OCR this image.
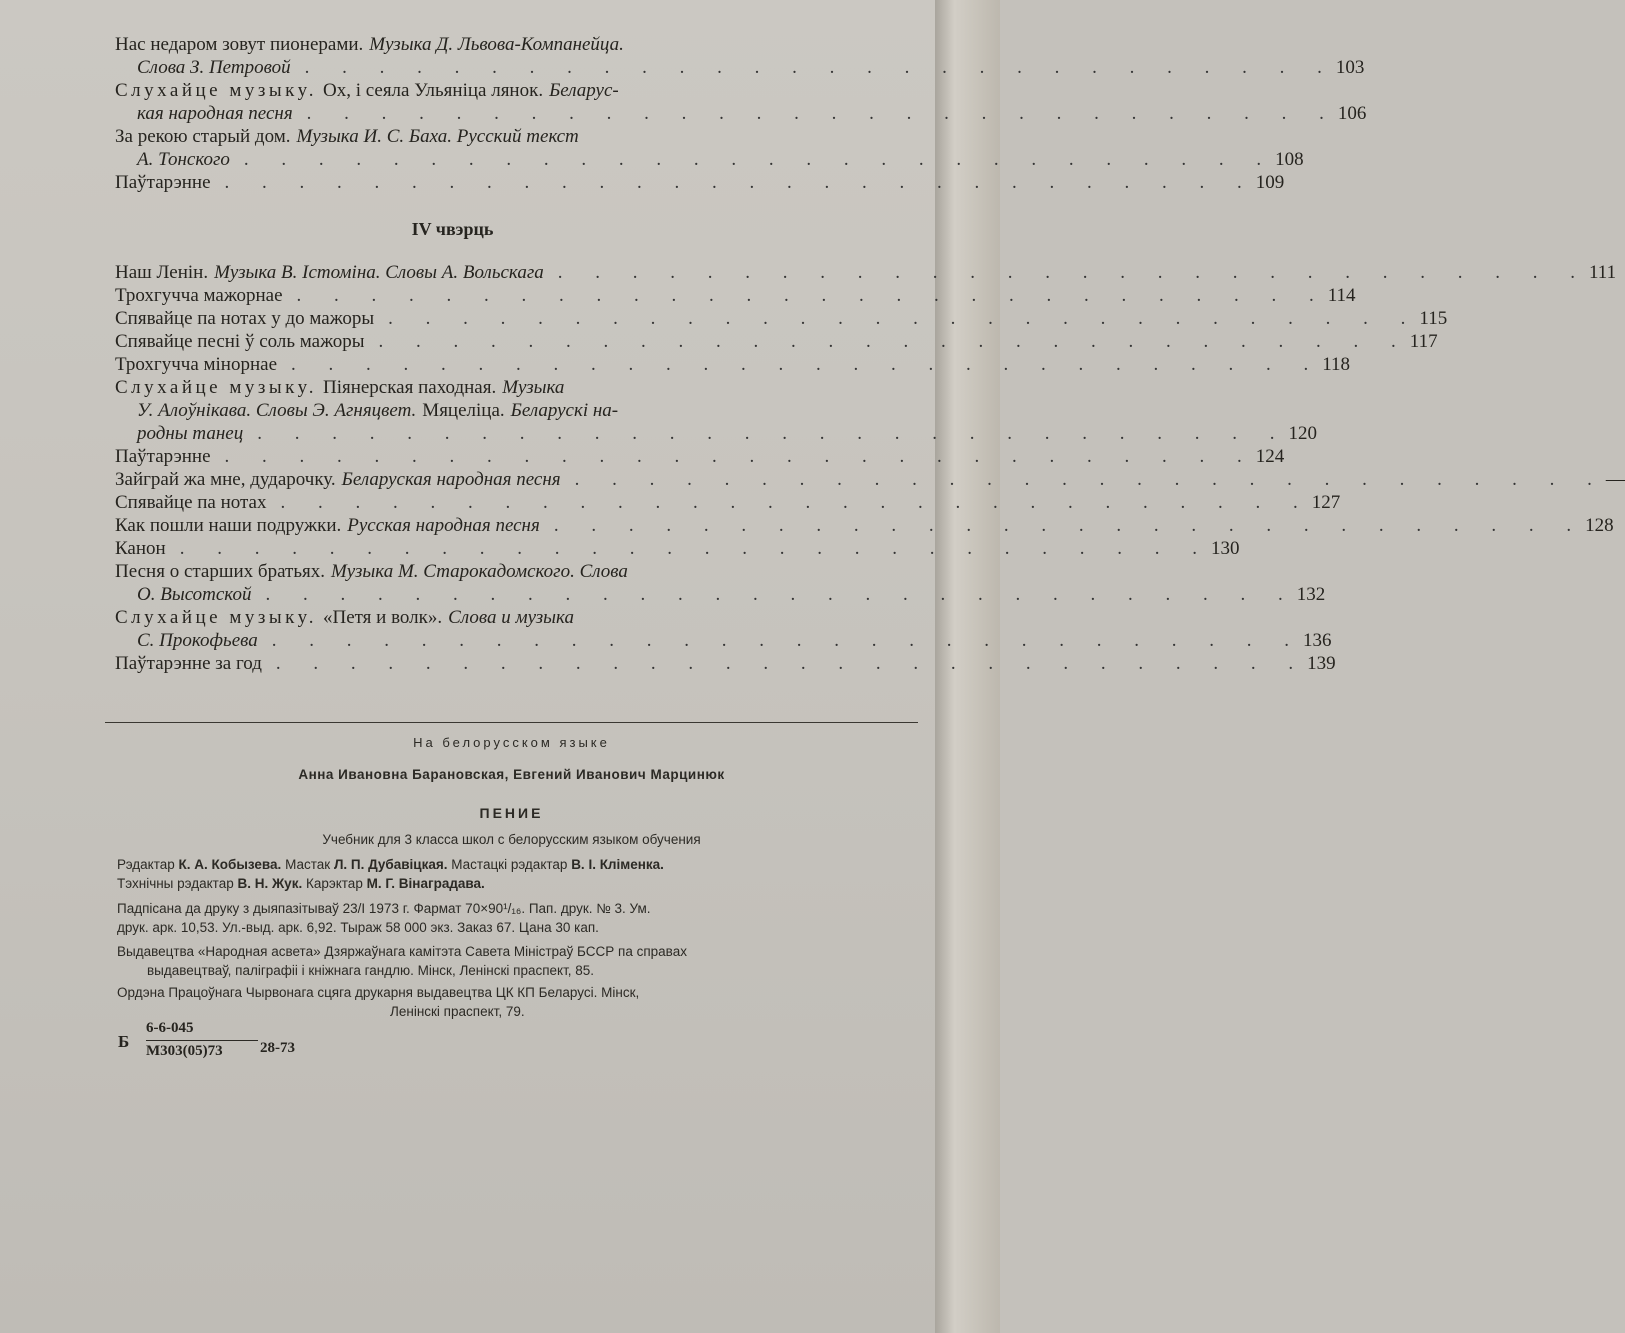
Нас недаром зовут пионерами. Музыка Д. Львова-Компанейца.
Слова З. Петровой . . . . . . . . . . . . . . . . . . . . . . . . . . . . 103
Слухайце музыку. Ох, і сеяла Ульяніца лянок. Беларус-
кая народная песня . . . . . . . . . . . . . . . . . . . . . . . . . . . . 106
За рекою старый дом. Музыка И. С. Баха. Русский текст
А. Тонского . . . . . . . . . . . . . . . . . . . . . . . . . . . . 108
Паўтарэнне . . . . . . . . . . . . . . . . . . . . . . . . . . . . 109
IV чвэрць
Наш Ленін. Музыка В. Істоміна. Словы А. Вольскага . . . . . . . . . . . . . . . . . . . . . . . . . . . . 111
Трохгучча мажорнае . . . . . . . . . . . . . . . . . . . . . . . . . . . . 114
Спявайце па нотах у до мажоры . . . . . . . . . . . . . . . . . . . . . . . . . . . . 115
Спявайце песні ў соль мажоры . . . . . . . . . . . . . . . . . . . . . . . . . . . . 117
Трохгучча мінорнае . . . . . . . . . . . . . . . . . . . . . . . . . . . . 118
Слухайце музыку. Піянерская паходная. Музыка
У. Алоўнікава. Словы Э. Агняцвет. Мяцеліца. Беларускі на-
родны танец . . . . . . . . . . . . . . . . . . . . . . . . . . . . 120
Паўтарэнне . . . . . . . . . . . . . . . . . . . . . . . . . . . . 124
Зайграй жа мне, дударочку. Беларуская народная песня . . . . . . . . . . . . . . . . . . . . . . . . . . . . —
Спявайце па нотах . . . . . . . . . . . . . . . . . . . . . . . . . . . . 127
Как пошли наши подружки. Русская народная песня . . . . . . . . . . . . . . . . . . . . . . . . . . . . 128
Канон . . . . . . . . . . . . . . . . . . . . . . . . . . . . 130
Песня о старших братьях. Музыка М. Старокадомского. Слова
О. Высотской . . . . . . . . . . . . . . . . . . . . . . . . . . . . 132
Слухайце музыку. «Петя и волк». Слова и музыка
С. Прокофьева . . . . . . . . . . . . . . . . . . . . . . . . . . . . 136
Паўтарэнне за год . . . . . . . . . . . . . . . . . . . . . . . . . . . . 139
На белорусском языке
Анна Ивановна Барановская, Евгений Иванович Марцинюк
ПЕНИЕ
Учебник для 3 класса школ с белорусским языком обучения
Рэдактар К. А. Кобызева. Мастак Л. П. Дубавіцкая. Мастацкі рэдактар В. І. Кліменка.
Тэхнічны рэдактар В. Н. Жук. Карэктар М. Г. Вінаградава.
Падпісана да друку з дыяпазітываў 23/І 1973 г. Фармат 70×90¹/₁₆. Пап. друк. № 3. Ум.
друк. арк. 10,53. Ул.-выд. арк. 6,92. Тыраж 58 000 экз. Заказ 67. Цана 30 кап.
Выдавецтва «Народная асвета» Дзяржаўнага камітэта Савета Міністраў БССР па справах
выдавецтваў, паліграфіі і кніжнага гандлю. Мінск, Ленінскі праспект, 85.
Ордэна Працоўнага Чырвонага сцяга друкарня выдавецтва ЦК КП Беларусі. Мінск,
Ленінскі праспект, 79.
Б
6-6-045
М303(05)73 28-73
